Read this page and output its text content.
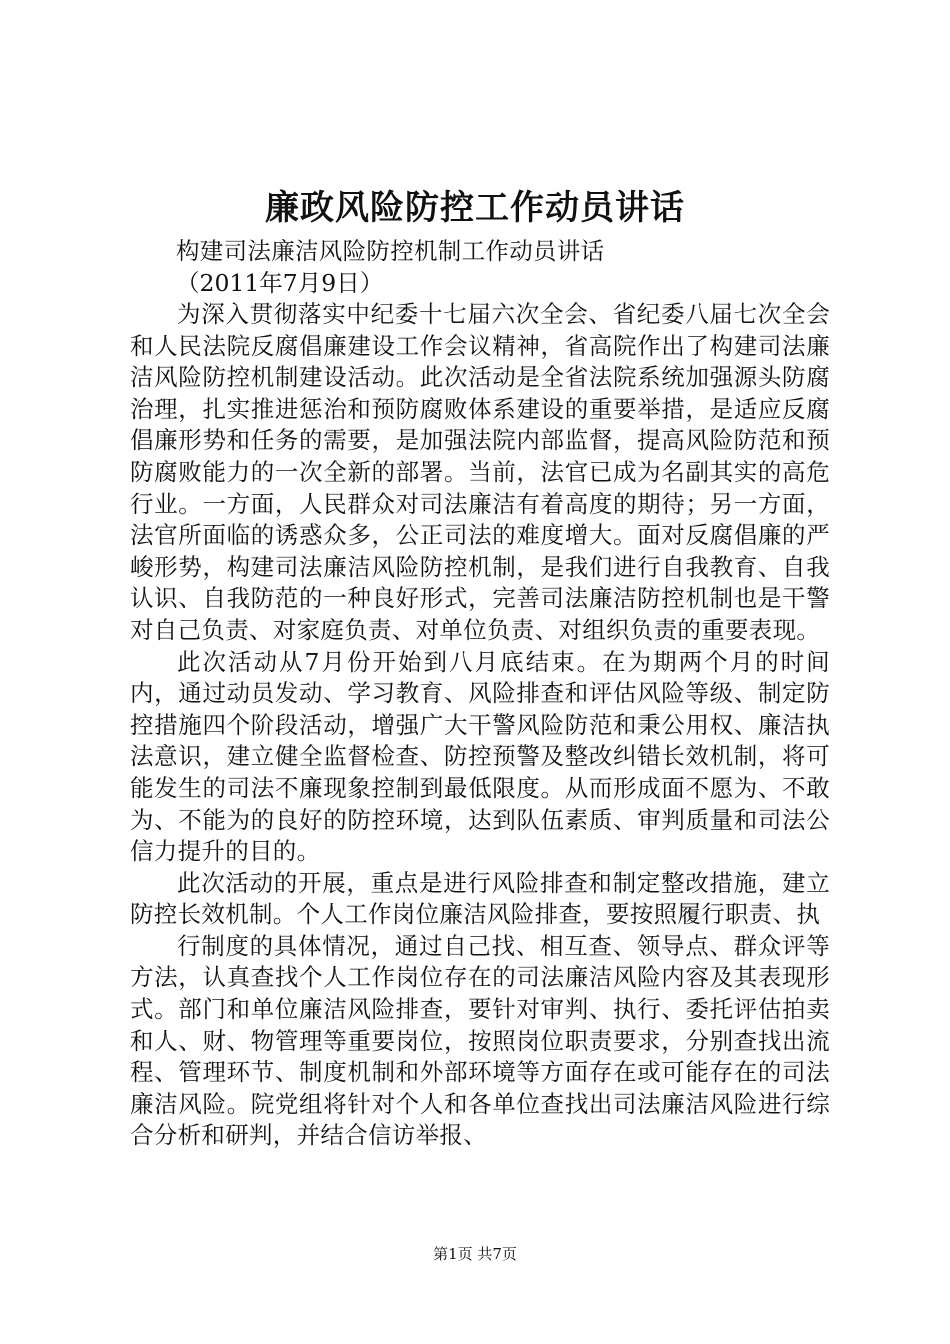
廉政风险防控工作动员讲话
构建司法廉洁风险防控机制工作动员讲话
（2011年7月9日）

为深入贯彻落实中纪委十七届六次全会、省纪委八届七次全会和人民法院反腐倡廉建设工作会议精神，省高院作出了构建司法廉洁风险防控机制建设活动。此次活动是全省法院系统加强源头防腐治理，扎实推进惩治和预防腐败体系建设的重要举措，是适应反腐倡廉形势和任务的需要，是加强法院内部监督，提高风险防范和预防腐败能力的一次全新的部署。当前，法官已成为名副其实的高危行业。一方面，人民群众对司法廉洁有着高度的期待；另一方面，法官所面临的诱惑众多，公正司法的难度增大。面对反腐倡廉的严峻形势，构建司法廉洁风险防控机制，是我们进行自我教育、自我认识、自我防范的一种良好形式，完善司法廉洁防控机制也是干警对自己负责、对家庭负责、对单位负责、对组织负责的重要表现。

此次活动从7月份开始到八月底结束。在为期两个月的时间内，通过动员发动、学习教育、风险排查和评估风险等级、制定防控措施四个阶段活动，增强广大干警风险防范和秉公用权、廉洁执法意识，建立健全监督检查、防控预警及整改纠错长效机制，将可能发生的司法不廉现象控制到最低限度。从而形成面不愿为、不敢为、不能为的良好的防控环境，达到队伍素质、审判质量和司法公信力提升的目的。

此次活动的开展，重点是进行风险排查和制定整改措施，建立防控长效机制。个人工作岗位廉洁风险排查，要按照履行职责、执

行制度的具体情况，通过自己找、相互查、领导点、群众评等方法，认真查找个人工作岗位存在的司法廉洁风险内容及其表现形式。部门和单位廉洁风险排查，要针对审判、执行、委托评估拍卖和人、财、物管理等重要岗位，按照岗位职责要求，分别查找出流程、管理环节、制度机制和外部环境等方面存在或可能存在的司法廉洁风险。院党组将针对个人和各单位查找出司法廉洁风险进行综合分析和研判，并结合信访举报、

第1页 共7页
